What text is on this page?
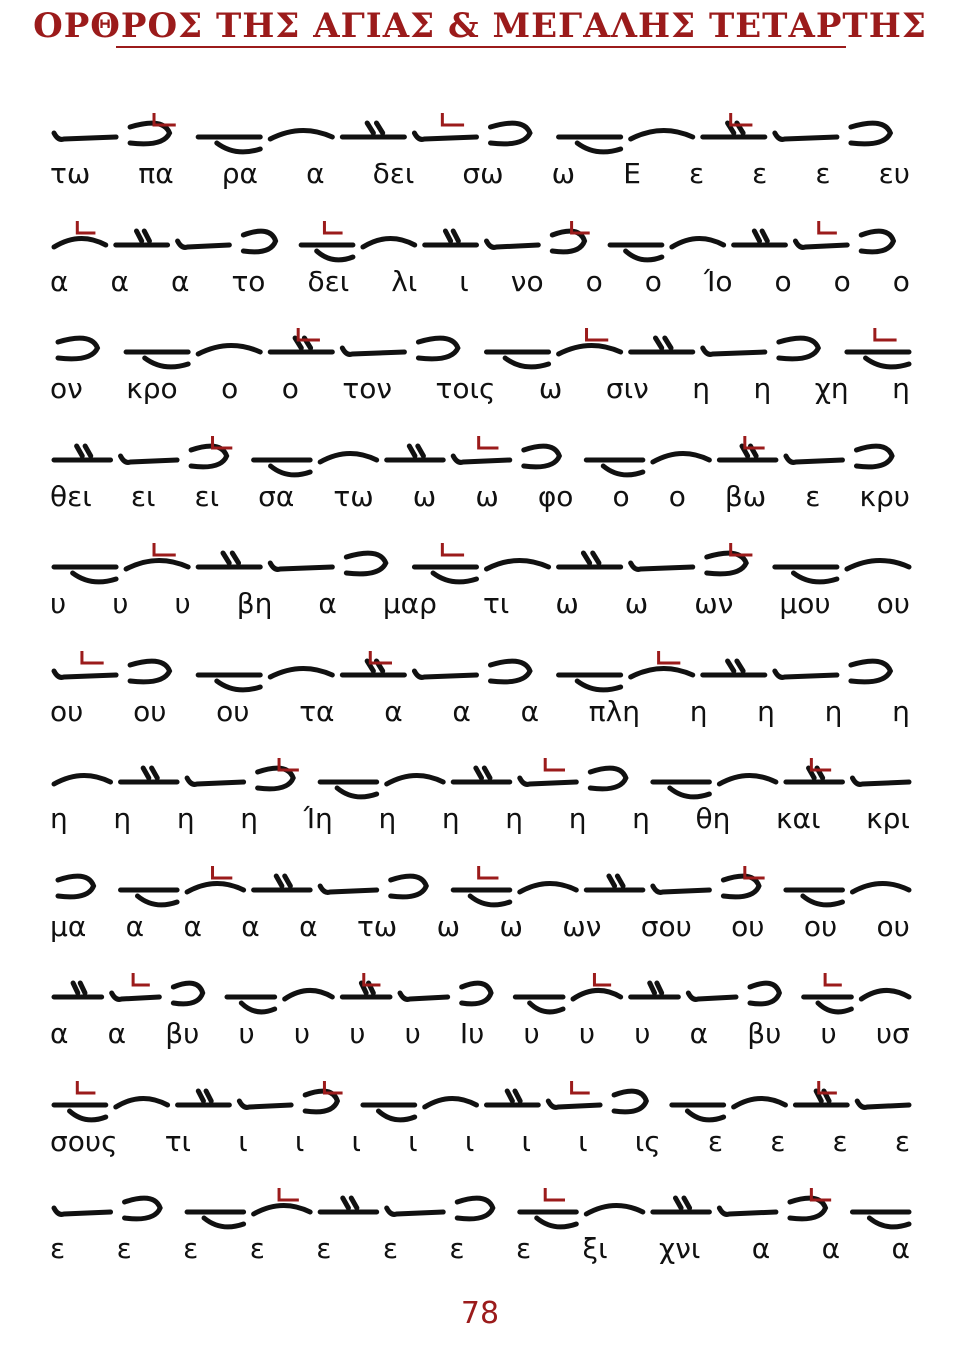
ΟΡΘΡΟΣ ΤΗΣ ΑΓΙΑΣ & ΜΕΓΑΛΗΣ ΤΕΤΑΡΤΗΣ
τω πα ρα α δει σω ω Ε ε ε ε ευ
α α α το δει λι ι νο ο ο Ίο ο ο ο
ον κρο ο ο τον τοις ω σιν η η χη η
θει ει ει σα τω ω ω φο ο ο βω ε κρυ
υ υ υ βη α μαρ τι ω ω ων μου ου
ου ου ου τα α α α πλη η η η η
η η η η Ίη η η η η η θη και κρι
μα α α α α τω ω ω ων σου ου ου ου
α α βυ υ υ υ υ Ιυ υ υ υ α βυ υ υσ
σους τι ι ι ι ι ι ι ι ις ε ε ε ε
ε ε ε ε ε ε ε ε ξι χνι α α α
78
